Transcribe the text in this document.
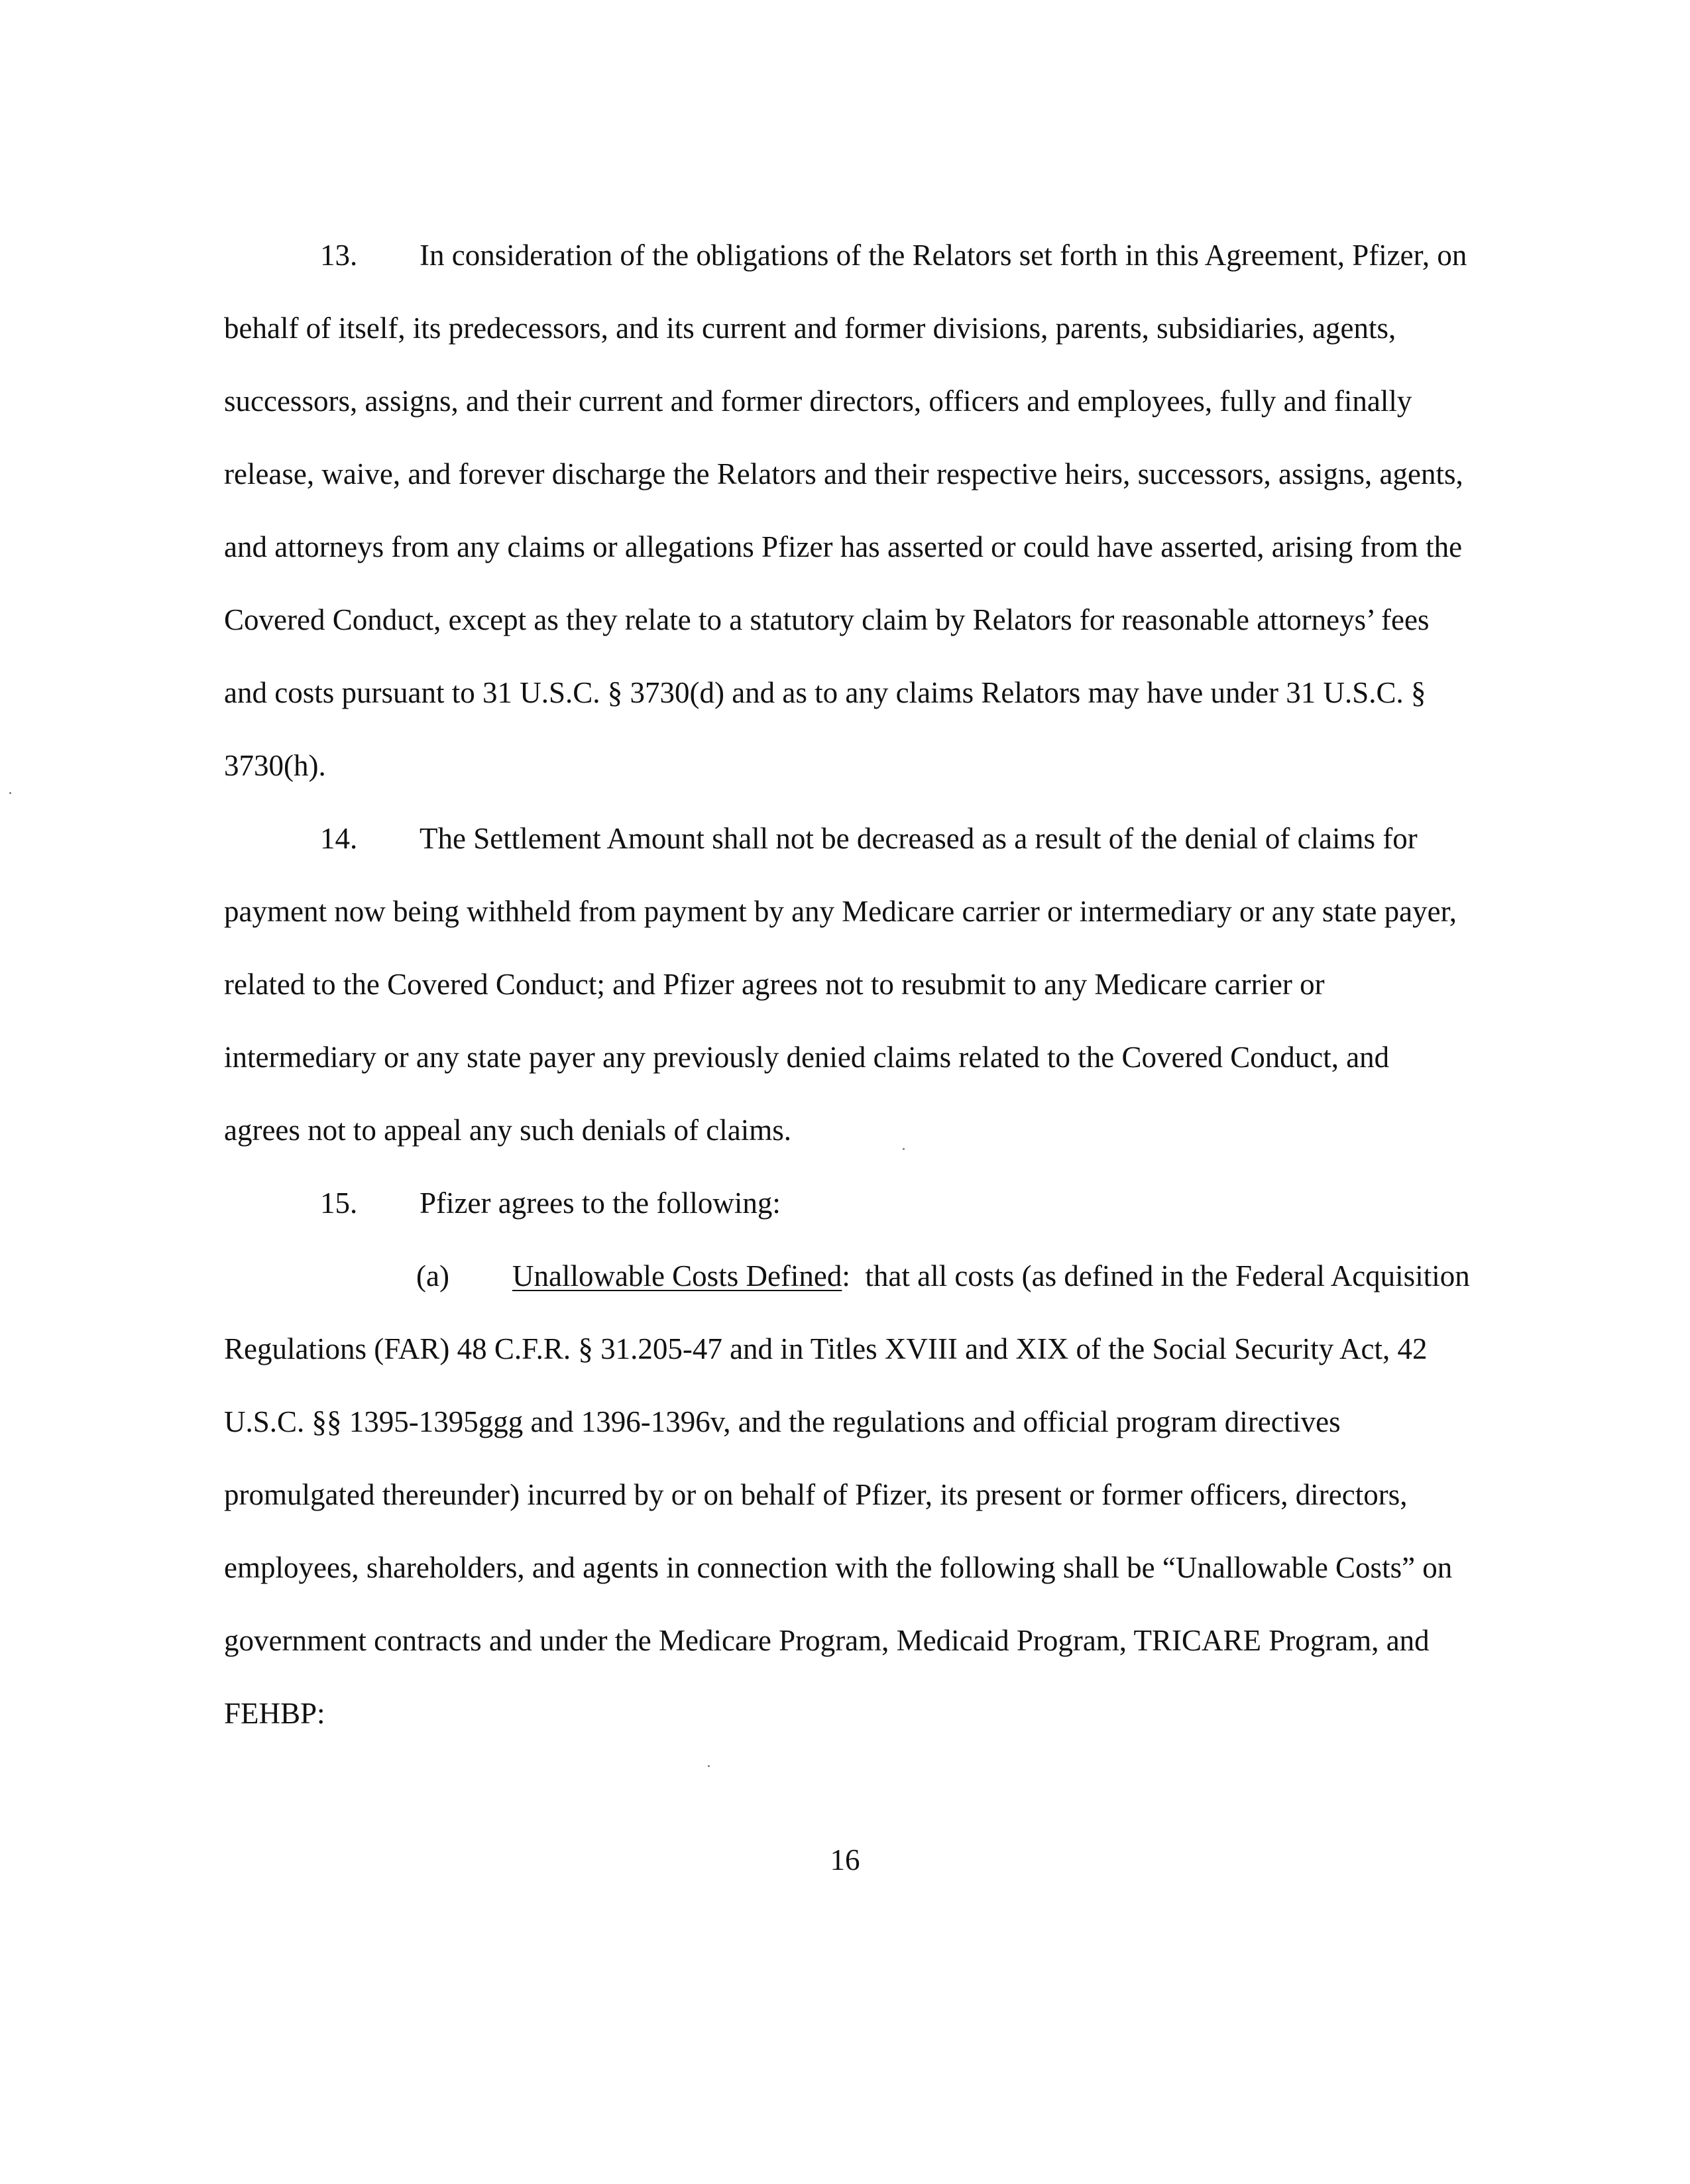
13. In consideration of the obligations of the Relators set forth in this Agreement, Pfizer, on behalf of itself, its predecessors, and its current and former divisions, parents, subsidiaries, agents, successors, assigns, and their current and former directors, officers and employees, fully and finally release, waive, and forever discharge the Relators and their respective heirs, successors, assigns, agents, and attorneys from any claims or allegations Pfizer has asserted or could have asserted, arising from the Covered Conduct, except as they relate to a statutory claim by Relators for reasonable attorneys’ fees and costs pursuant to 31 U.S.C. § 3730(d) and as to any claims Relators may have under 31 U.S.C. § 3730(h).

14. The Settlement Amount shall not be decreased as a result of the denial of claims for payment now being withheld from payment by any Medicare carrier or intermediary or any state payer, related to the Covered Conduct; and Pfizer agrees not to resubmit to any Medicare carrier or intermediary or any state payer any previously denied claims related to the Covered Conduct, and agrees not to appeal any such denials of claims.

15. Pfizer agrees to the following:

(a) Unallowable Costs Defined: that all costs (as defined in the Federal Acquisition Regulations (FAR) 48 C.F.R. § 31.205-47 and in Titles XVIII and XIX of the Social Security Act, 42 U.S.C. §§ 1395-1395ggg and 1396-1396v, and the regulations and official program directives promulgated thereunder) incurred by or on behalf of Pfizer, its present or former officers, directors, employees, shareholders, and agents in connection with the following shall be “Unallowable Costs” on government contracts and under the Medicare Program, Medicaid Program, TRICARE Program, and FEHBP:

16
